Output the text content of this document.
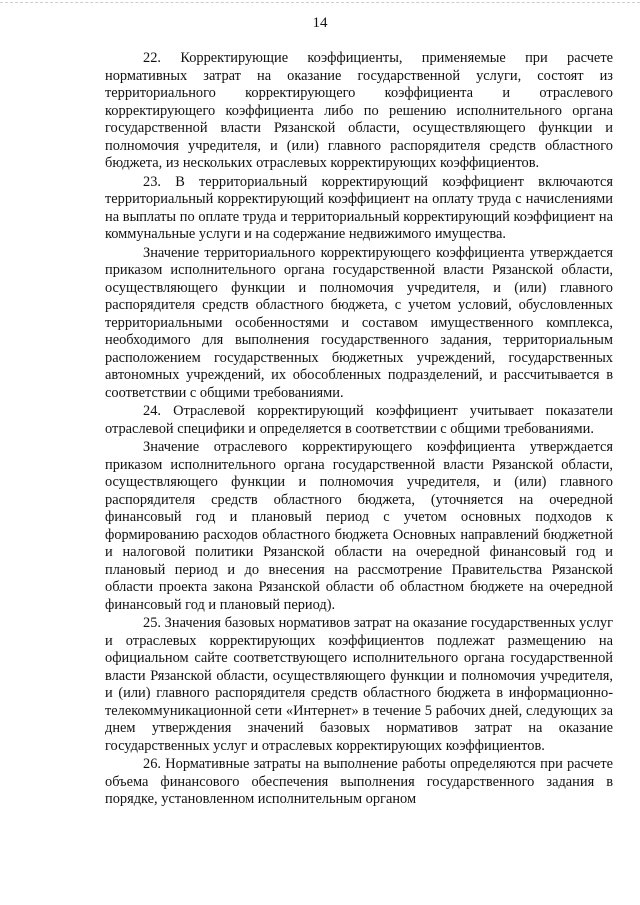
14

22. Корректирующие коэффициенты, применяемые при расчете нормативных затрат на оказание государственной услуги, состоят из территориального корректирующего коэффициента и отраслевого корректирующего коэффициента либо по решению исполнительного органа государственной власти Рязанской области, осуществляющего функции и полномочия учредителя, и (или) главного распорядителя средств областного бюджета, из нескольких отраслевых корректирующих коэффициентов.

23. В территориальный корректирующий коэффициент включаются территориальный корректирующий коэффициент на оплату труда с начислениями на выплаты по оплате труда и территориальный корректирующий коэффициент на коммунальные услуги и на содержание недвижимого имущества.

Значение территориального корректирующего коэффициента утверждается приказом исполнительного органа государственной власти Рязанской области, осуществляющего функции и полномочия учредителя, и (или) главного распорядителя средств областного бюджета, с учетом условий, обусловленных территориальными особенностями и составом имущественного комплекса, необходимого для выполнения государственного задания, территориальным расположением государственных бюджетных учреждений, государственных автономных учреждений, их обособленных подразделений, и рассчитывается в соответствии с общими требованиями.

24. Отраслевой корректирующий коэффициент учитывает показатели отраслевой специфики и определяется в соответствии с общими требованиями.

Значение отраслевого корректирующего коэффициента утверждается приказом исполнительного органа государственной власти Рязанской области, осуществляющего функции и полномочия учредителя, и (или) главного распорядителя средств областного бюджета, (уточняется на очередной финансовый год и плановый период с учетом основных подходов к формированию расходов областного бюджета Основных направлений бюджетной и налоговой политики Рязанской области на очередной финансовый год и плановый период и до внесения на рассмотрение Правительства Рязанской области проекта закона Рязанской области об областном бюджете на очередной финансовый год и плановый период).

25. Значения базовых нормативов затрат на оказание государственных услуг и отраслевых корректирующих коэффициентов подлежат размещению на официальном сайте соответствующего исполнительного органа государственной власти Рязанской области, осуществляющего функции и полномочия учредителя, и (или) главного распорядителя средств областного бюджета в информационно-телекоммуникационной сети «Интернет» в течение 5 рабочих дней, следующих за днем утверждения значений базовых нормативов затрат на оказание государственных услуг и отраслевых корректирующих коэффициентов.

26. Нормативные затраты на выполнение работы определяются при расчете объема финансового обеспечения выполнения государственного задания в порядке, установленном исполнительным органом
